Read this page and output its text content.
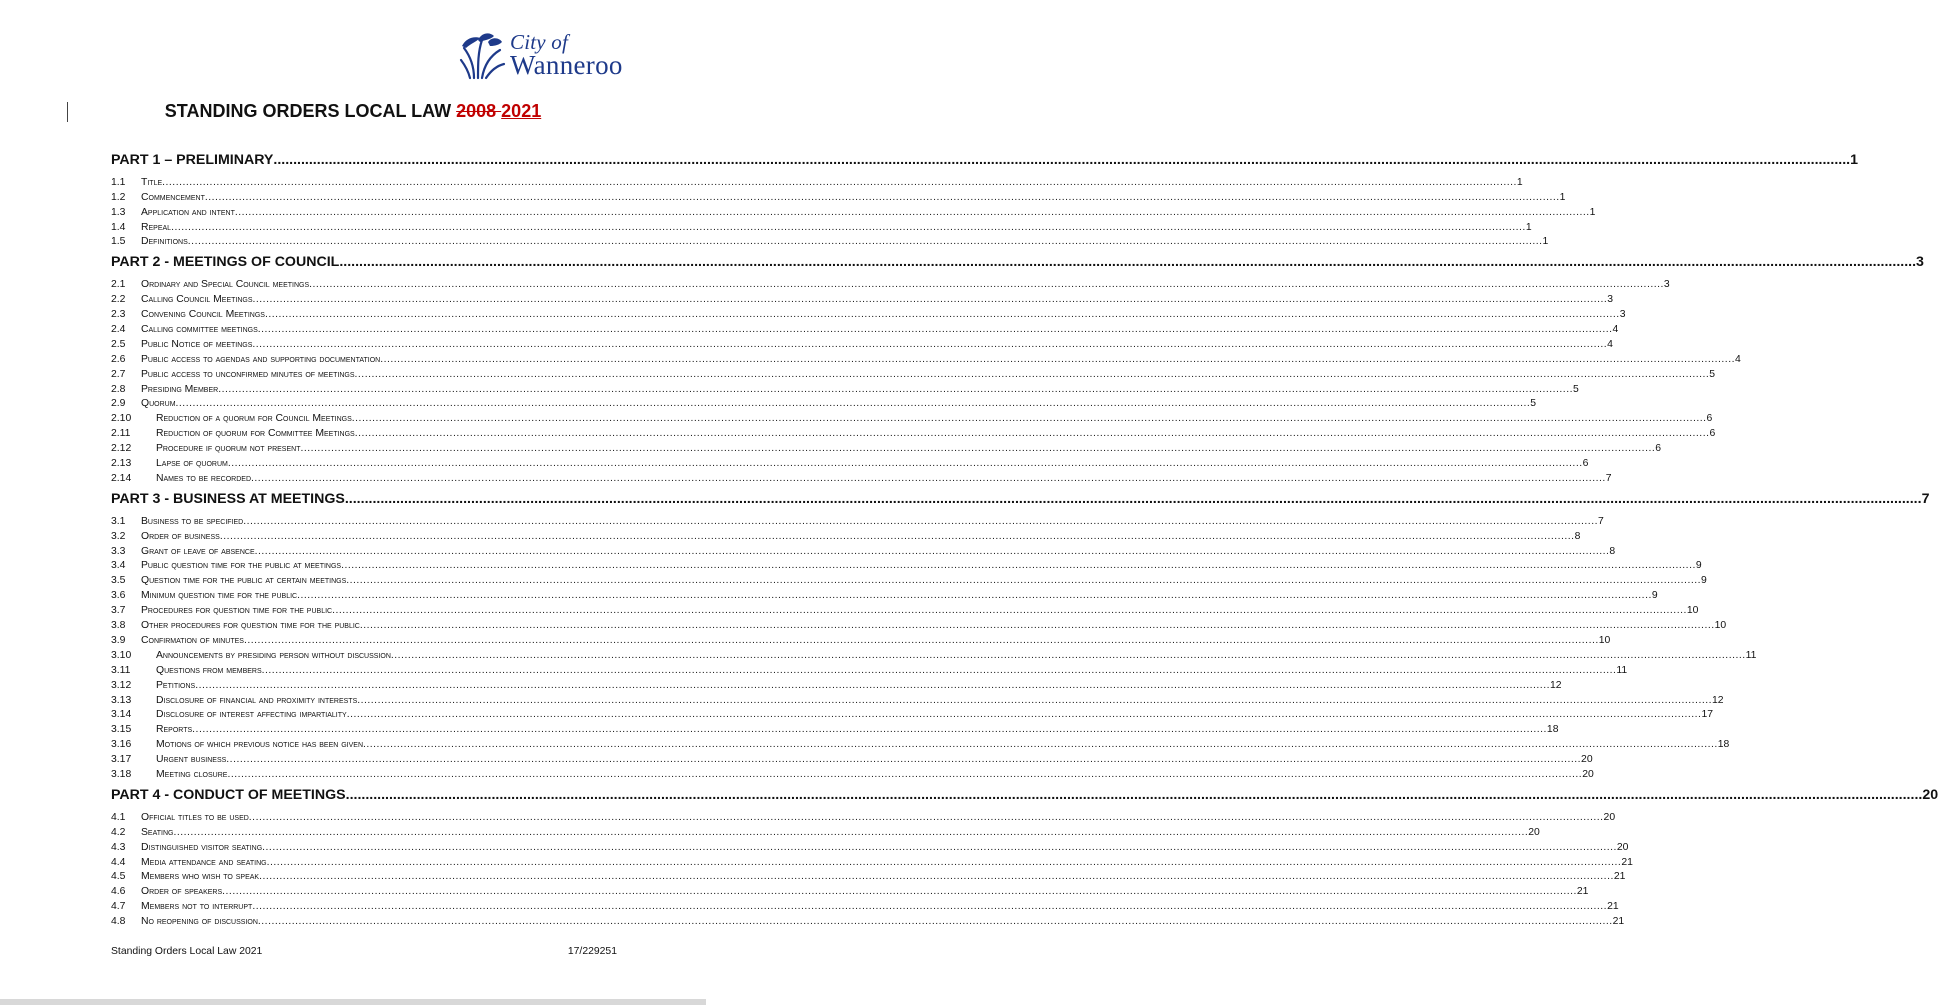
City of
Wanneroo
STANDING ORDERS LOCAL LAW 2008 2021
PART 1 – PRELIMINARY ................................................................................................................................................................................................................................................................................................................................................................................................................ 1
1.1	Title ................................................................................................................................................................................................................................................................................................................................................................................................................ 1
1.2	Commencement ................................................................................................................................................................................................................................................................................................................................................................................................................ 1
1.3	Application and intent ................................................................................................................................................................................................................................................................................................................................................................................................................ 1
1.4	Repeal ................................................................................................................................................................................................................................................................................................................................................................................................................ 1
1.5	Definitions ................................................................................................................................................................................................................................................................................................................................................................................................................ 1
PART 2 - MEETINGS OF COUNCIL ................................................................................................................................................................................................................................................................................................................................................................................................................ 3
2.1	Ordinary and Special Council meetings ................................................................................................................................................................................................................................................................................................................................................................................................................ 3
2.2	Calling Council Meetings ................................................................................................................................................................................................................................................................................................................................................................................................................ 3
2.3	Convening Council Meetings ................................................................................................................................................................................................................................................................................................................................................................................................................ 3
2.4	Calling committee meetings ................................................................................................................................................................................................................................................................................................................................................................................................................ 4
2.5	Public Notice of meetings ................................................................................................................................................................................................................................................................................................................................................................................................................ 4
2.6	Public access to agendas and supporting documentation ................................................................................................................................................................................................................................................................................................................................................................................................................ 4
2.7	Public access to unconfirmed minutes of meetings ................................................................................................................................................................................................................................................................................................................................................................................................................ 5
2.8	Presiding Member ................................................................................................................................................................................................................................................................................................................................................................................................................ 5
2.9	Quorum ................................................................................................................................................................................................................................................................................................................................................................................................................ 5
2.10	Reduction of a quorum for Council Meetings ................................................................................................................................................................................................................................................................................................................................................................................................................ 6
2.11	Reduction of quorum for Committee Meetings ................................................................................................................................................................................................................................................................................................................................................................................................................ 6
2.12	Procedure if quorum not present ................................................................................................................................................................................................................................................................................................................................................................................................................ 6
2.13	Lapse of quorum ................................................................................................................................................................................................................................................................................................................................................................................................................ 6
2.14	Names to be recorded ................................................................................................................................................................................................................................................................................................................................................................................................................ 7
PART 3 - BUSINESS AT MEETINGS ................................................................................................................................................................................................................................................................................................................................................................................................................ 7
3.1	Business to be specified ................................................................................................................................................................................................................................................................................................................................................................................................................ 7
3.2	Order of business ................................................................................................................................................................................................................................................................................................................................................................................................................ 8
3.3	Grant of leave of absence ................................................................................................................................................................................................................................................................................................................................................................................................................ 8
3.4	Public question time for the public at meetings ................................................................................................................................................................................................................................................................................................................................................................................................................ 9
3.5	Question time for the public at certain meetings ................................................................................................................................................................................................................................................................................................................................................................................................................ 9
3.6	Minimum question time for the public ................................................................................................................................................................................................................................................................................................................................................................................................................ 9
3.7	Procedures for question time for the public ................................................................................................................................................................................................................................................................................................................................................................................................................ 10
3.8	Other procedures for question time for the public ................................................................................................................................................................................................................................................................................................................................................................................................................ 10
3.9	Confirmation of minutes ................................................................................................................................................................................................................................................................................................................................................................................................................ 10
3.10	Announcements by presiding person without discussion ................................................................................................................................................................................................................................................................................................................................................................................................................ 11
3.11	Questions from members ................................................................................................................................................................................................................................................................................................................................................................................................................ 11
3.12	Petitions ................................................................................................................................................................................................................................................................................................................................................................................................................ 12
3.13	Disclosure of financial and proximity interests ................................................................................................................................................................................................................................................................................................................................................................................................................ 12
3.14	Disclosure of interest affecting impartiality ................................................................................................................................................................................................................................................................................................................................................................................................................ 17
3.15	Reports ................................................................................................................................................................................................................................................................................................................................................................................................................ 18
3.16	Motions of which previous notice has been given ................................................................................................................................................................................................................................................................................................................................................................................................................ 18
3.17	Urgent business ................................................................................................................................................................................................................................................................................................................................................................................................................ 20
3.18	Meeting closure ................................................................................................................................................................................................................................................................................................................................................................................................................ 20
PART 4 - CONDUCT OF MEETINGS ................................................................................................................................................................................................................................................................................................................................................................................................................ 20
4.1	Official titles to be used ................................................................................................................................................................................................................................................................................................................................................................................................................ 20
4.2	Seating ................................................................................................................................................................................................................................................................................................................................................................................................................ 20
4.3	Distinguished visitor seating ................................................................................................................................................................................................................................................................................................................................................................................................................ 20
4.4	Media attendance and seating ................................................................................................................................................................................................................................................................................................................................................................................................................ 21
4.5	Members who wish to speak ................................................................................................................................................................................................................................................................................................................................................................................................................ 21
4.6	Order of speakers ................................................................................................................................................................................................................................................................................................................................................................................................................ 21
4.7	Members not to interrupt ................................................................................................................................................................................................................................................................................................................................................................................................................ 21
4.8	No reopening of discussion ................................................................................................................................................................................................................................................................................................................................................................................................................ 21
Standing Orders Local Law 2021	17/229251
